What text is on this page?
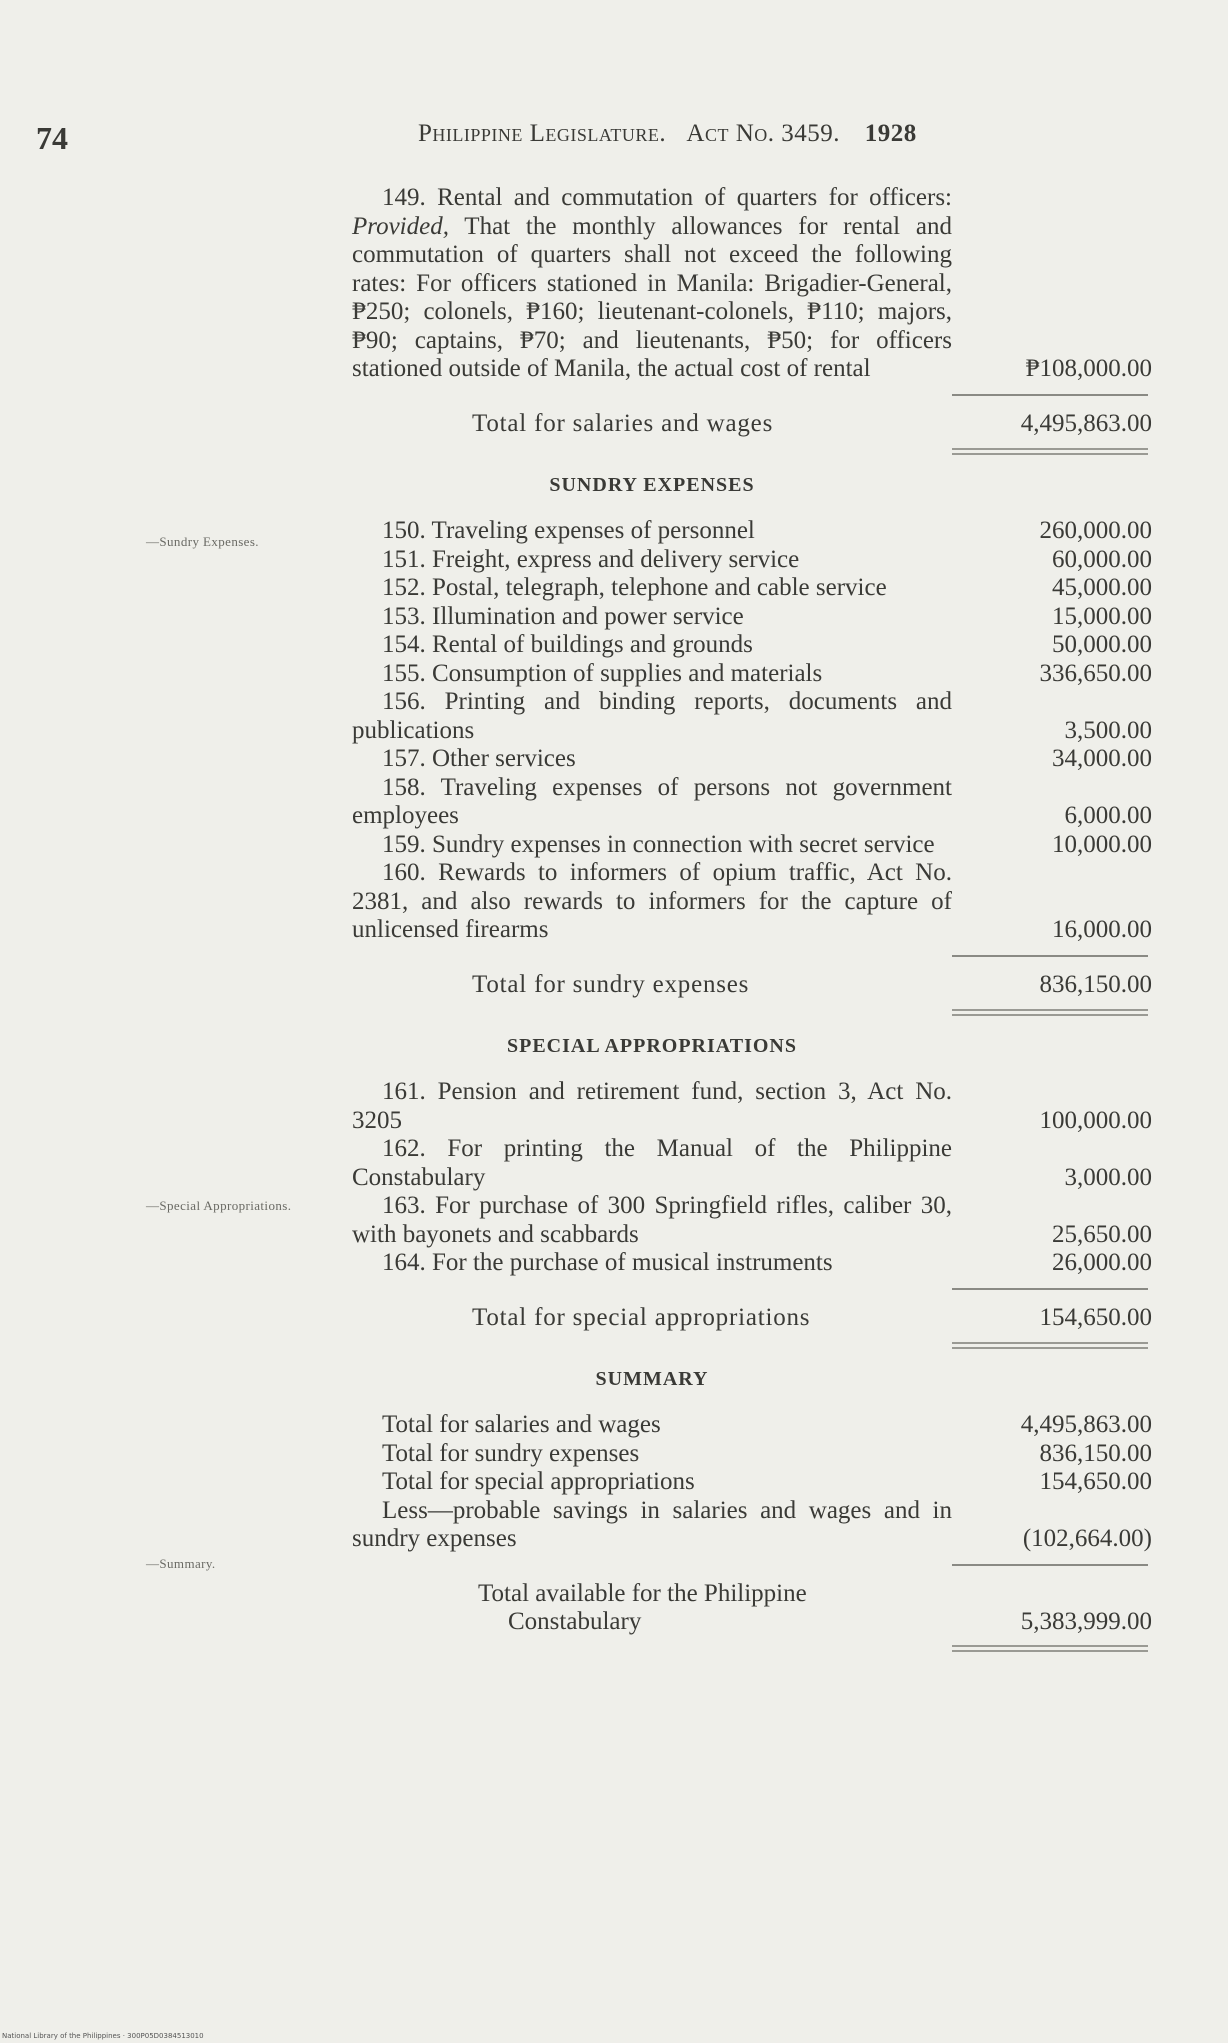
74	Philippine Legislature. Act No. 3459. 1928
—Sundry Expenses.
—Special Appropriations.
—Summary.

149. Rental and commutation of quarters for officers: Provided, That the monthly allowances for rental and commutation of quarters shall not exceed the following rates: For officers stationed in Manila: Brigadier-General, ₱250; colonels, ₱160; lieutenant-colonels, ₱110; majors, ₱90; captains, ₱70; and lieutenants, ₱50; for officers stationed outside of Manila, the actual cost of rental	₱108,000.00
Total for salaries and wages	4,495,863.00
SUNDRY EXPENSES

150. Traveling expenses of personnel	260,000.00

151. Freight, express and delivery service	60,000.00

152. Postal, telegraph, telephone and cable service	45,000.00

153. Illumination and power service	15,000.00

154. Rental of buildings and grounds	50,000.00

155. Consumption of supplies and materials	336,650.00

156. Printing and binding reports, documents and publications	3,500.00

157. Other services	34,000.00

158. Traveling expenses of persons not government employees	6,000.00

159. Sundry expenses in connection with secret service	10,000.00

160. Rewards to informers of opium traffic, Act No. 2381, and also rewards to informers for the capture of unlicensed firearms	16,000.00
Total for sundry expenses	836,150.00
SPECIAL APPROPRIATIONS

161. Pension and retirement fund, section 3, Act No. 3205	100,000.00

162. For printing the Manual of the Philippine Constabulary	3,000.00

163. For purchase of 300 Springfield rifles, caliber 30, with bayonets and scabbards	25,650.00

164. For the purchase of musical instruments	26,000.00
Total for special appropriations	154,650.00
SUMMARY

Total for salaries and wages	4,495,863.00

Total for sundry expenses	836,150.00

Total for special appropriations	154,650.00

Less—probable savings in salaries and wages and in sundry expenses	(102,664.00)
Total available for the Philippine
Constabulary	5,383,999.00
National Library of the Philippines · 300P05D0384513010
